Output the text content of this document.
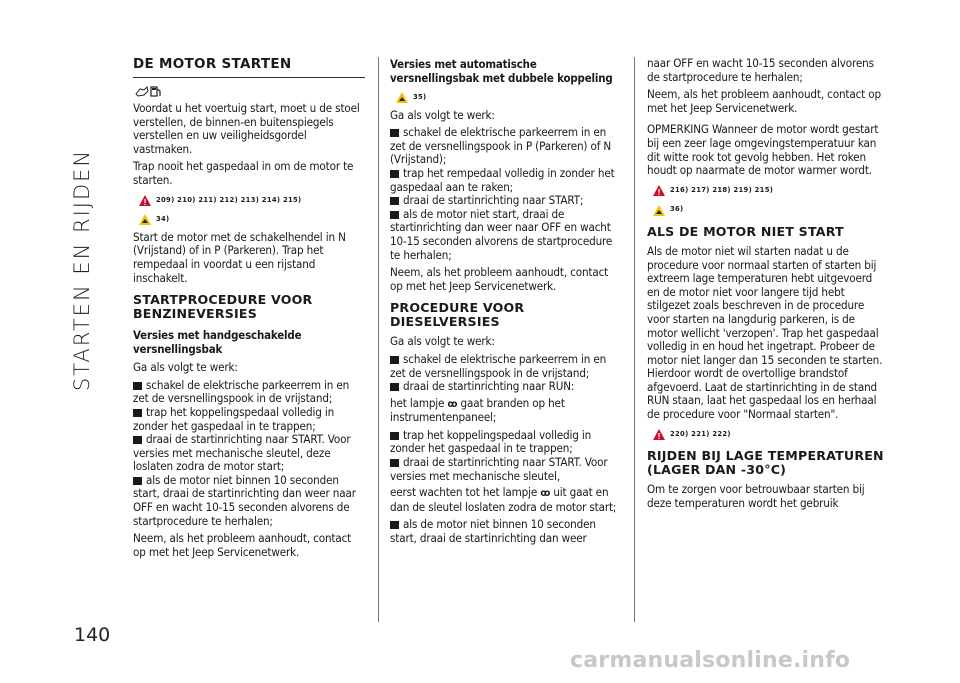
STARTEN EN RIJDEN
140
DE MOTOR STARTEN

Voordat u het voertuig start, moet u de stoel verstellen, de binnen-en buitenspiegels verstellen en uw veiligheidsgordel vastmaken.

Trap nooit het gaspedaal in om de motor te starten.

209) 210) 211) 212) 213) 214) 215)
34)

Start de motor met de schakelhendel in N (Vrijstand) of in P (Parkeren). Trap het rempedaal in voordat u een rijstand inschakelt.

STARTPROCEDURE VOOR BENZINEVERSIES
Versies met handgeschakelde versnellingsbak

Ga als volgt te werk:

schakel de elektrische parkeerrem in en zet de versnellingspook in de vrijstand;
trap het koppelingspedaal volledig in zonder het gaspedaal in te trappen;
draai de startinrichting naar START. Voor versies met mechanische sleutel, deze loslaten zodra de motor start;
als de motor niet binnen 10 seconden start, draai de startinrichting dan weer naar OFF en wacht 10-15 seconden alvorens de startprocedure te herhalen;

Neem, als het probleem aanhoudt, contact op met het Jeep Servicenetwerk.

Versies met automatische versnellingsbak met dubbele koppeling
35)

Ga als volgt te werk:

schakel de elektrische parkeerrem in en zet de versnellingspook in P (Parkeren) of N (Vrijstand);
trap het rempedaal volledig in zonder het gaspedaal aan te raken;
draai de startinrichting naar START;
als de motor niet start, draai de startinrichting dan weer naar OFF en wacht 10-15 seconden alvorens de startprocedure te herhalen;

Neem, als het probleem aanhoudt, contact op met het Jeep Servicenetwerk.

PROCEDURE VOOR DIESELVERSIES

Ga als volgt te werk:

schakel de elektrische parkeerrem in en zet de versnellingspook in de vrijstand;
draai de startinrichting naar RUN:

het lampje ꝏ gaat branden op het instrumentenpaneel;

trap het koppelingspedaal volledig in zonder het gaspedaal in te trappen;
draai de startinrichting naar START. Voor versies met mechanische sleutel,

eerst wachten tot het lampje ꝏ uit gaat en dan de sleutel loslaten zodra de motor start;

als de motor niet binnen 10 seconden start, draai de startinrichting dan weer

naar OFF en wacht 10-15 seconden alvorens de startprocedure te herhalen;

Neem, als het probleem aanhoudt, contact op met het Jeep Servicenetwerk.

OPMERKING Wanneer de motor wordt gestart bij een zeer lage omgevingstemperatuur kan dit witte rook tot gevolg hebben. Het roken houdt op naarmate de motor warmer wordt.

216) 217) 218) 219) 215)
36)
ALS DE MOTOR NIET START

Als de motor niet wil starten nadat u de procedure voor normaal starten of starten bij extreem lage temperaturen hebt uitgevoerd en de motor niet voor langere tijd hebt stilgezet zoals beschreven in de procedure voor starten na langdurig parkeren, is de motor wellicht 'verzopen'. Trap het gaspedaal volledig in en houd het ingetrapt. Probeer de motor niet langer dan 15 seconden te starten. Hierdoor wordt de overtollige brandstof afgevoerd. Laat de startinrichting in de stand RUN staan, laat het gaspedaal los en herhaal de procedure voor "Normaal starten".

220) 221) 222)
RIJDEN BIJ LAGE TEMPERATUREN (LAGER DAN -30°C)

Om te zorgen voor betrouwbaar starten bij deze temperaturen wordt het gebruik

carmanualsonline.info
